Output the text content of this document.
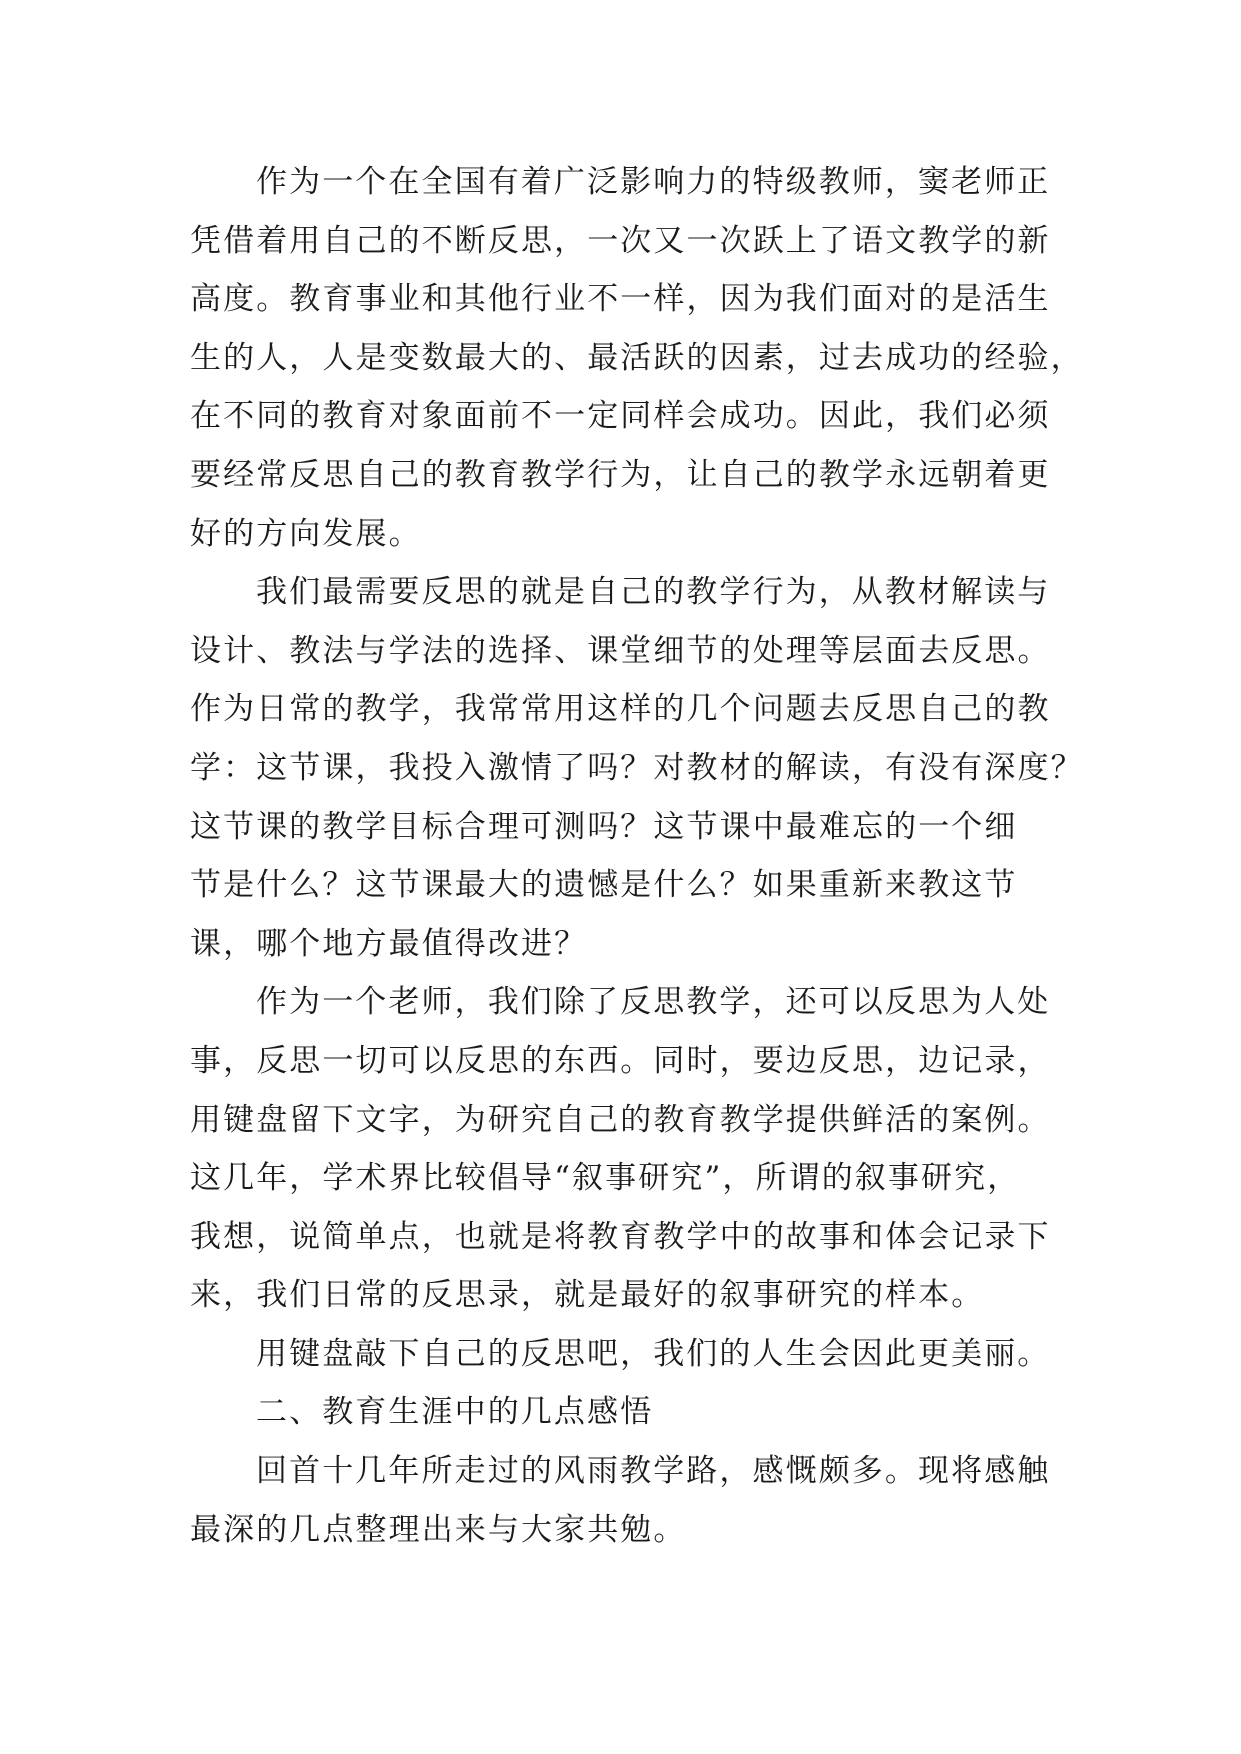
作为一个在全国有着广泛影响力的特级教师，窦老师正
凭借着用自己的不断反思，一次又一次跃上了语文教学的新
高度。教育事业和其他行业不一样，因为我们面对的是活生
生的人，人是变数最大的、最活跃的因素，过去成功的经验，
在不同的教育对象面前不一定同样会成功。因此，我们必须
要经常反思自己的教育教学行为，让自己的教学永远朝着更
好的方向发展。
我们最需要反思的就是自己的教学行为，从教材解读与
设计、教法与学法的选择、课堂细节的处理等层面去反思。
作为日常的教学，我常常用这样的几个问题去反思自己的教
学：这节课，我投入激情了吗？对教材的解读，有没有深度？
这节课的教学目标合理可测吗？这节课中最难忘的一个细
节是什么？这节课最大的遗憾是什么？如果重新来教这节
课，哪个地方最值得改进？
作为一个老师，我们除了反思教学，还可以反思为人处
事，反思一切可以反思的东西。同时，要边反思，边记录，
用键盘留下文字，为研究自己的教育教学提供鲜活的案例。
这几年，学术界比较倡导“叙事研究”，所谓的叙事研究，
我想，说简单点，也就是将教育教学中的故事和体会记录下
来，我们日常的反思录，就是最好的叙事研究的样本。
用键盘敲下自己的反思吧，我们的人生会因此更美丽。
二、教育生涯中的几点感悟
回首十几年所走过的风雨教学路，感慨颇多。现将感触
最深的几点整理出来与大家共勉。
